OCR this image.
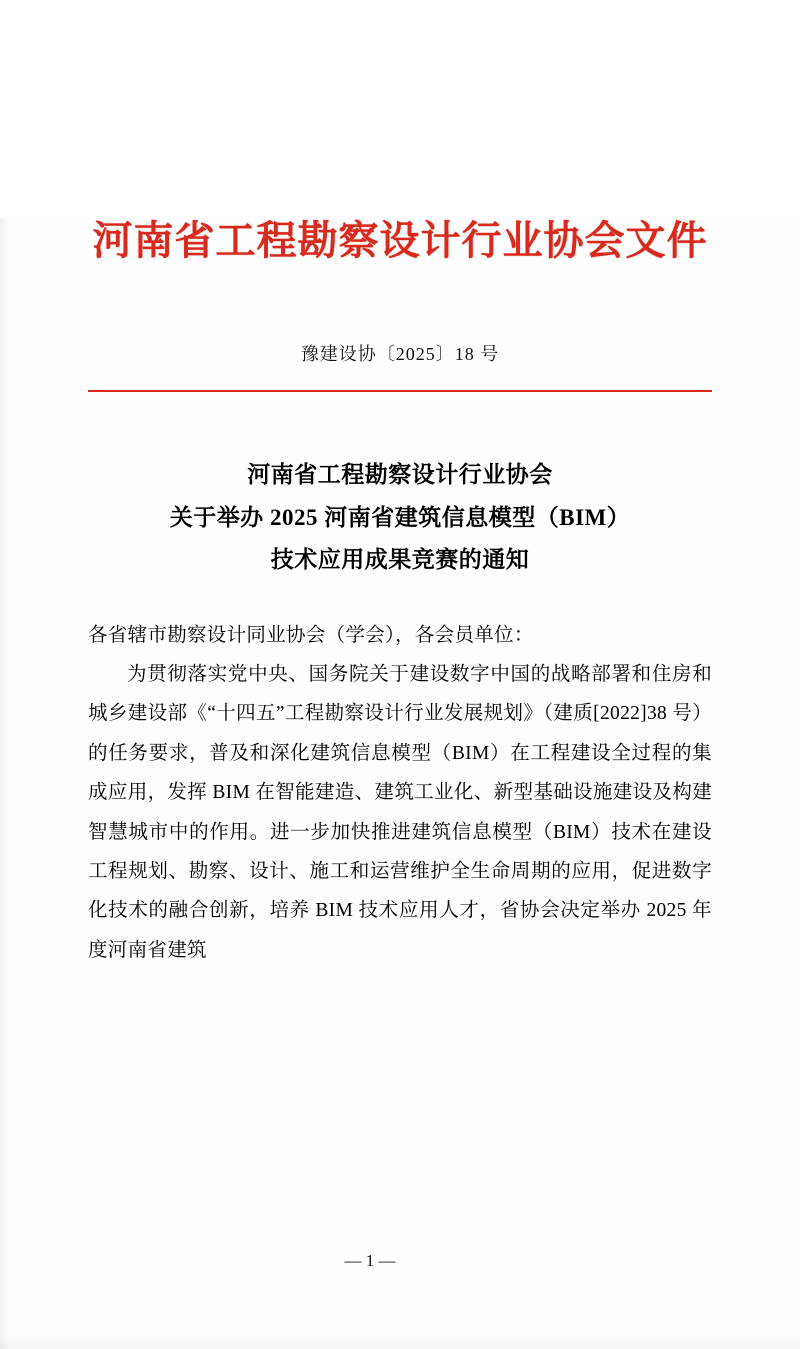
河南省工程勘察设计行业协会文件
豫建设协〔2025〕18 号
河南省工程勘察设计行业协会
关于举办 2025 河南省建筑信息模型（BIM）
技术应用成果竞赛的通知

各省辖市勘察设计同业协会（学会），各会员单位：

为贯彻落实党中央、国务院关于建设数字中国的战略部署和住房和城乡建设部《“十四五”工程勘察设计行业发展规划》（建质[2022]38 号）的任务要求，普及和深化建筑信息模型（BIM）在工程建设全过程的集成应用，发挥 BIM 在智能建造、建筑工业化、新型基础设施建设及构建智慧城市中的作用。进一步加快推进建筑信息模型（BIM）技术在建设工程规划、勘察、设计、施工和运营维护全生命周期的应用，促进数字化技术的融合创新，培养 BIM 技术应用人才，省协会决定举办 2025 年度河南省建筑

— 1 —
